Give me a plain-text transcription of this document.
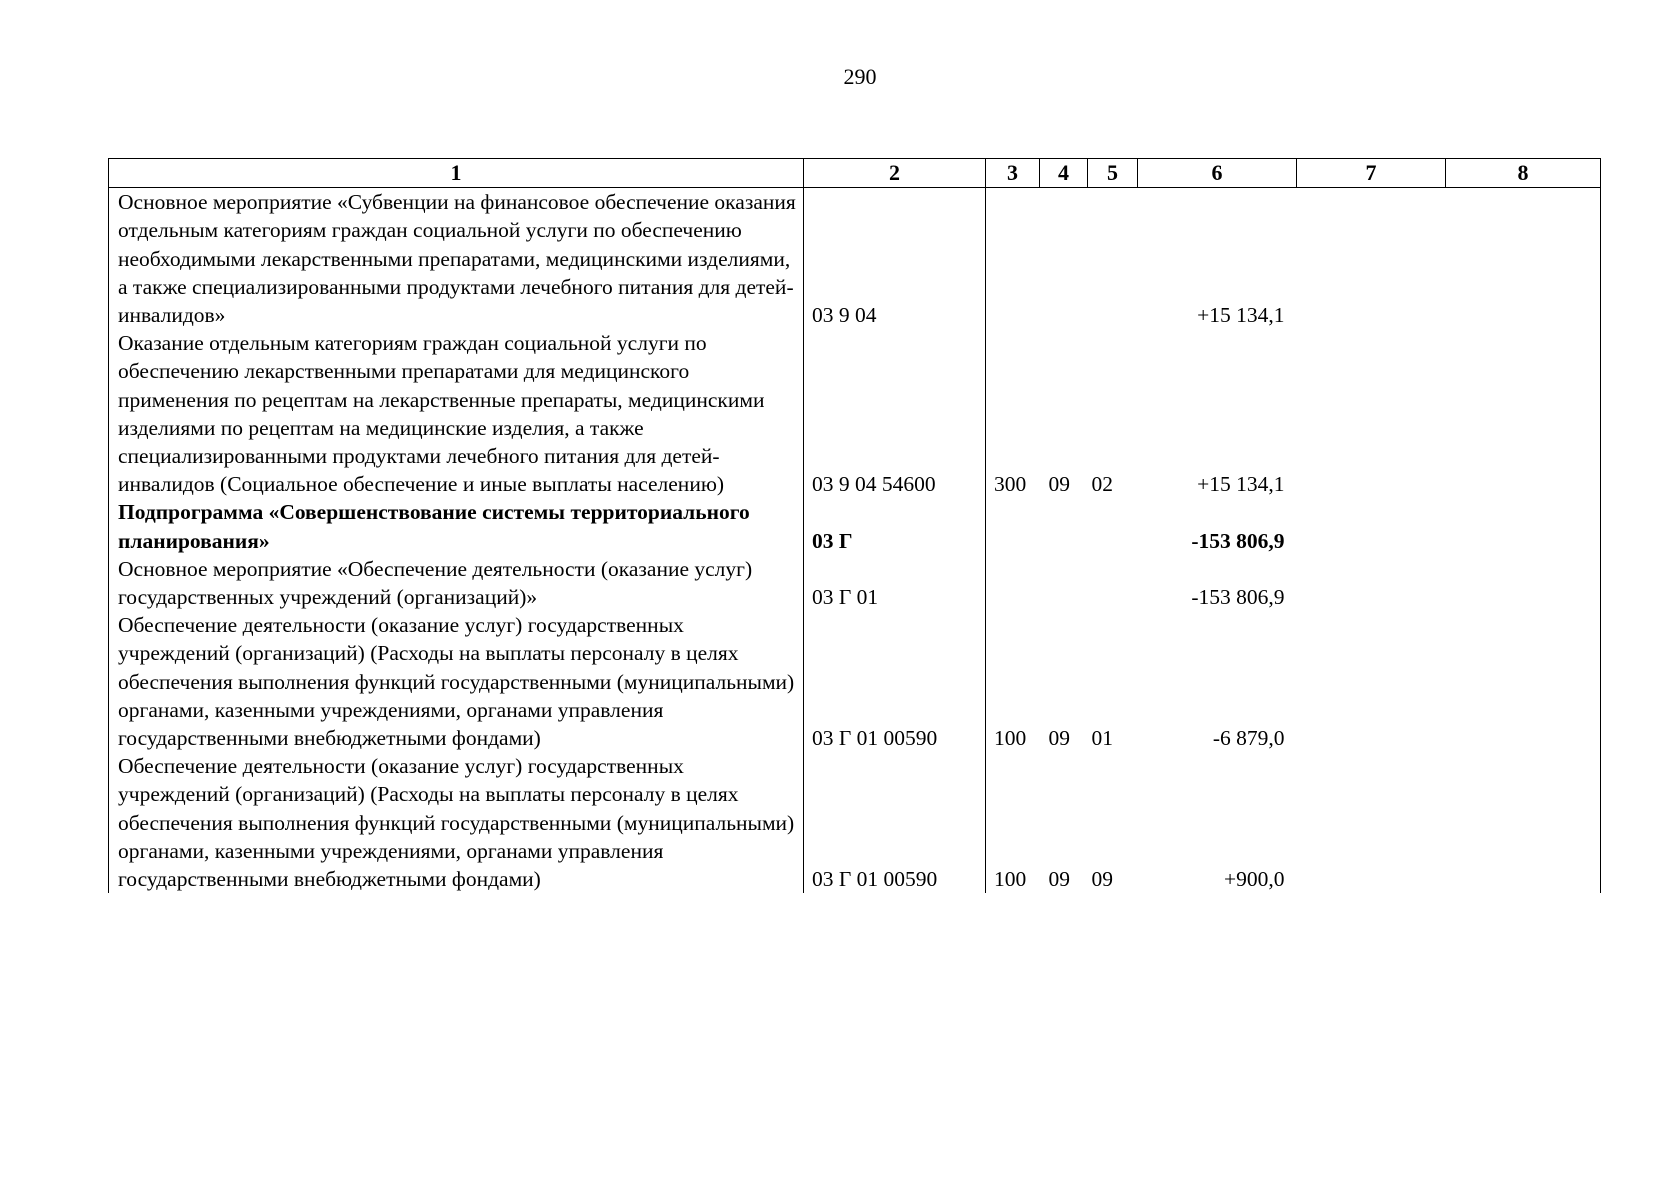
290
1	2	3	4	5	6	7	8
Основное мероприятие «Субвенции на финансовое обеспечение оказания отдельным категориям граждан социальной услуги по обеспечению необходимыми лекарственными препаратами, медицинскими изделиями, а также специализированными продуктами лечебного питания для детей-инвалидов»	03 9 04				+15 134,1		
Оказание отдельным категориям граждан социальной услуги по обеспечению лекарственными препаратами для медицинского применения по рецептам на лекарственные препараты, медицинскими изделиями по рецептам на медицинские изделия, а также специализированными продуктами лечебного питания для детей-инвалидов (Социальное обеспечение и иные выплаты населению)	03 9 04 54600	300	09	02	+15 134,1		
Подпрограмма «Совершенствование системы территориального планирования»	03 Г				-153 806,9		
Основное мероприятие «Обеспечение деятельности (оказание услуг) государственных учреждений (организаций)»	03 Г 01				-153 806,9		
Обеспечение деятельности (оказание услуг) государственных учреждений (организаций) (Расходы на выплаты персоналу в целях обеспечения выполнения функций государственными (муниципальными) органами, казенными учреждениями, органами управления государственными внебюджетными фондами)	03 Г 01 00590	100	09	01	-6 879,0		
Обеспечение деятельности (оказание услуг) государственных учреждений (организаций) (Расходы на выплаты персоналу в целях обеспечения выполнения функций государственными (муниципальными) органами, казенными учреждениями, органами управления государственными внебюджетными фондами)	03 Г 01 00590	100	09	09	+900,0		
